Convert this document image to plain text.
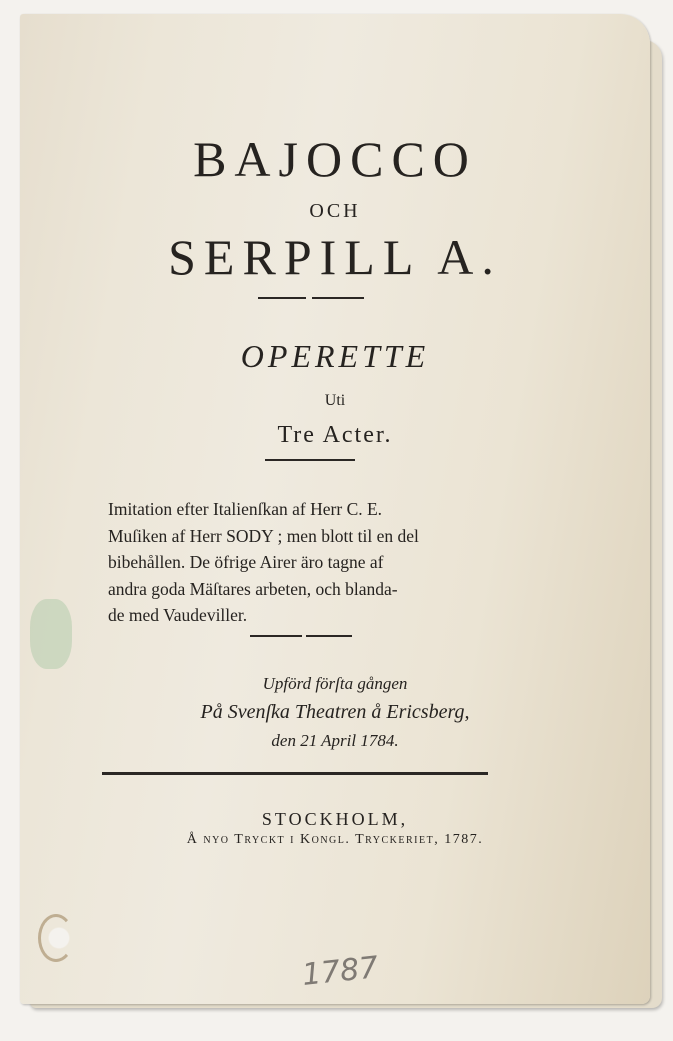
BAJOCCO
OCH
SERPILL A.
OPERETTE
Uti
Tre Acter.
Imitation efter Italienſkan af Herr C. E.
Muſiken af Herr SODY ; men blott til en del
bibehållen. De öfrige Airer äro tagne af
andra goda Mäſtares arbeten, och blanda-
de med Vaudeviller.
Upförd förſta gången
På Svenſka Theatren å Ericsberg,
den 21 April 1784.
STOCKHOLM,
Å nyo Tryckt i Kongl. Tryckeriet, 1787.
1787
